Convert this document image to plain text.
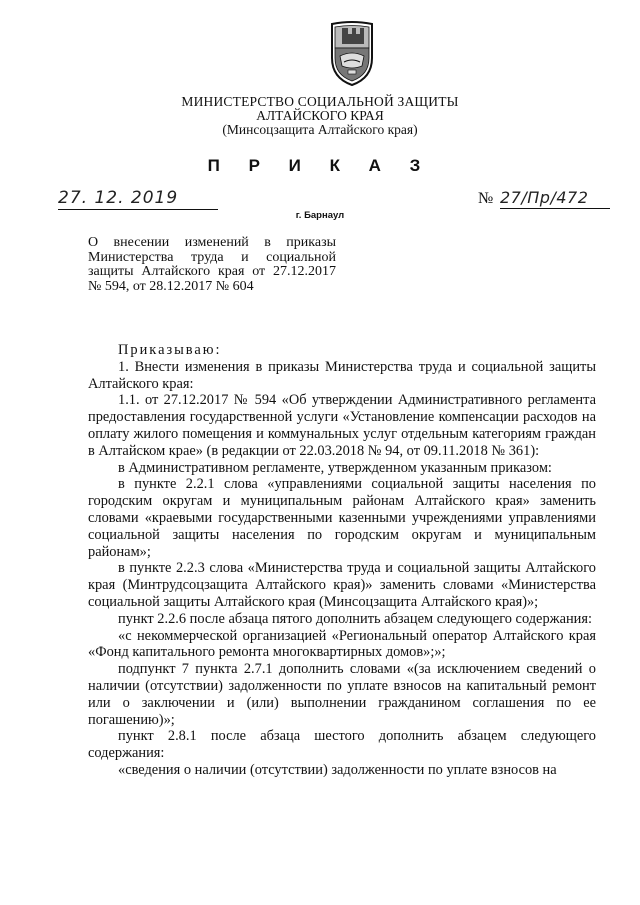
МИНИСТЕРСТВО СОЦИАЛЬНОЙ ЗАЩИТЫ
АЛТАЙСКОГО КРАЯ
(Минсоцзащита Алтайского края)
П Р И К А З
27. 12. 2019	№ 27/Пр/472
г. Барнаул
О внесении изменений в приказы
Министерства труда и социальной
защиты Алтайского края от 27.12.2017
№ 594, от 28.12.2017 № 604

Приказываю:

1. Внести изменения в приказы Министерства труда и социальной защиты Алтайского края:

1.1. от 27.12.2017 № 594 «Об утверждении Административного регламента предоставления государственной услуги «Установление компенсации расходов на оплату жилого помещения и коммунальных услуг отдельным категориям граждан в Алтайском крае» (в редакции от 22.03.2018 № 94, от 09.11.2018 № 361):

в Административном регламенте, утвержденном указанным приказом:

в пункте 2.2.1 слова «управлениями социальной защиты населения по городским округам и муниципальным районам Алтайского края» заменить словами «краевыми государственными казенными учреждениями управлениями социальной защиты населения по городским округам и муниципальным районам»;

в пункте 2.2.3 слова «Министерства труда и социальной защиты Алтайского края (Минтрудсоцзащита Алтайского края)» заменить словами «Министерства социальной защиты Алтайского края (Минсоцзащита Алтайского края)»;

пункт 2.2.6 после абзаца пятого дополнить абзацем следующего содержания:

«с некоммерческой организацией «Региональный оператор Алтайского края «Фонд капитального ремонта многоквартирных домов»;»;

подпункт 7 пункта 2.7.1 дополнить словами «(за исключением сведений о наличии (отсутствии) задолженности по уплате взносов на капитальный ремонт или о заключении и (или) выполнении гражданином соглашения по ее погашению)»;

пункт 2.8.1 после абзаца шестого дополнить абзацем следующего содержания:

«сведения о наличии (отсутствии) задолженности по уплате взносов на
